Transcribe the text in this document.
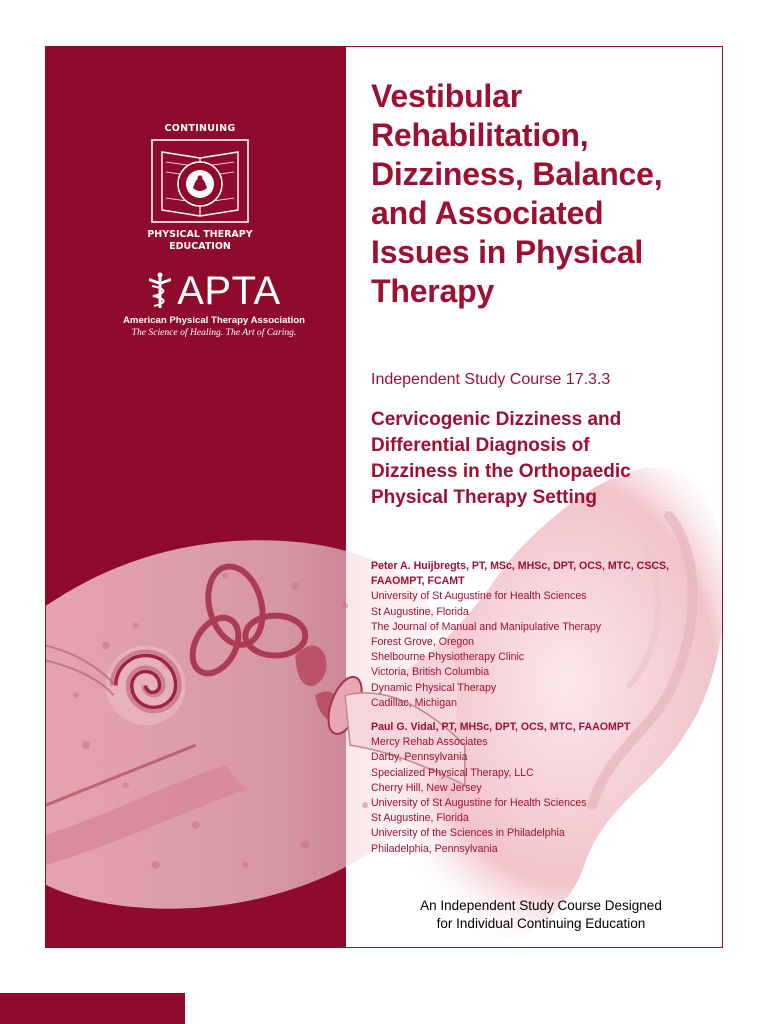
CONTINUING
PHYSICAL THERAPY
EDUCATION
APTA
American Physical Therapy Association
The Science of Healing. The Art of Caring.
Vestibular
Rehabilitation,
Dizziness, Balance,
and Associated
Issues in Physical
Therapy
Independent Study Course 17.3.3
Cervicogenic Dizziness and
Differential Diagnosis of
Dizziness in the Orthopaedic
Physical Therapy Setting
Peter A. Huijbregts, PT, MSc, MHSc, DPT, OCS, MTC, CSCS,
FAAOMPT, FCAMT
University of St Augustine for Health Sciences
St Augustine, Florida
The Journal of Manual and Manipulative Therapy
Forest Grove, Oregon
Shelbourne Physiotherapy Clinic
Victoria, British Columbia
Dynamic Physical Therapy
Cadillac, Michigan
Paul G. Vidal, PT, MHSc, DPT, OCS, MTC, FAAOMPT
Mercy Rehab Associates
Darby, Pennsylvania
Specialized Physical Therapy, LLC
Cherry Hill, New Jersey
University of St Augustine for Health Sciences
St Augustine, Florida
University of the Sciences in Philadelphia
Philadelphia, Pennsylvania
An Independent Study Course Designed
for Individual Continuing Education
